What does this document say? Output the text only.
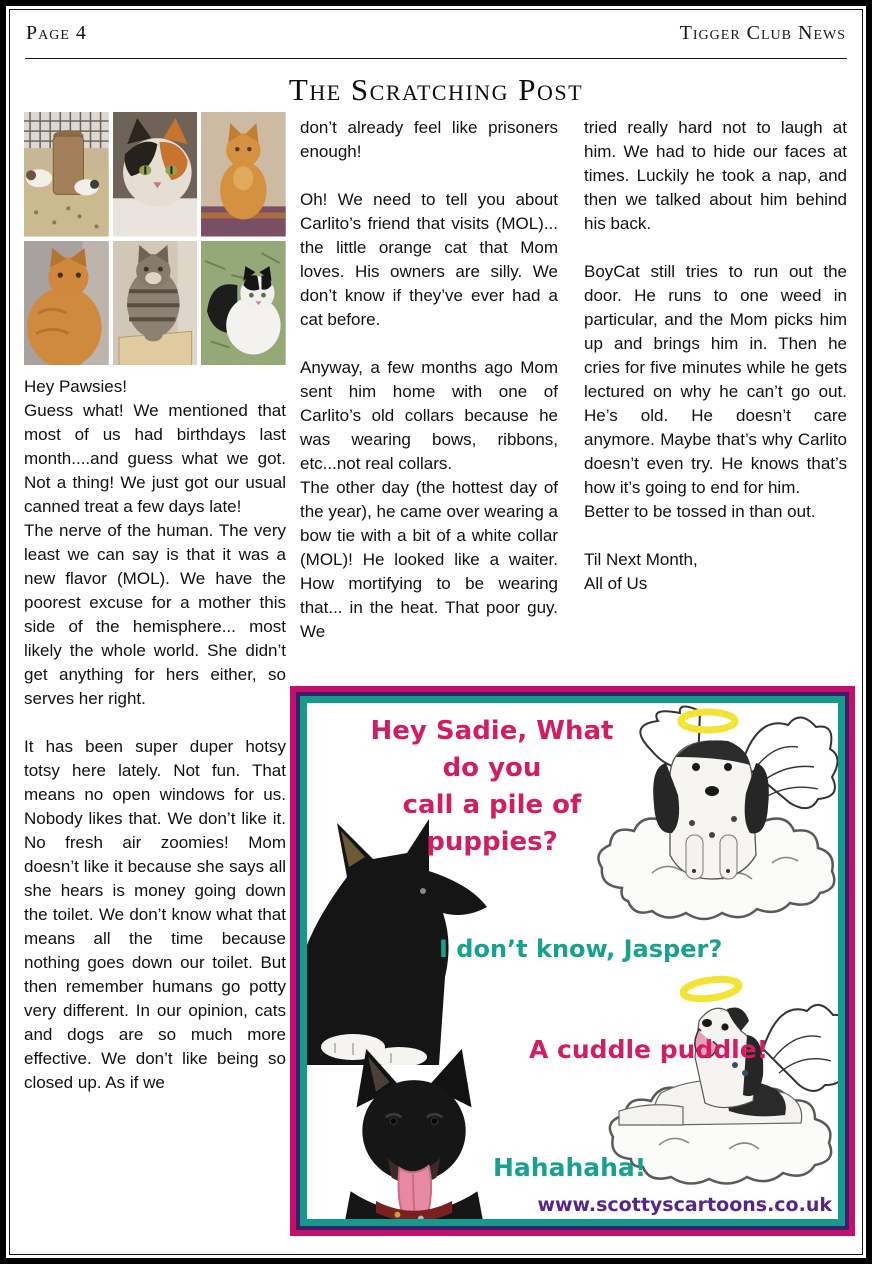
Page 4	Tigger Club News
The Scratching Post

Hey Pawsies!

Guess what! We mentioned that most of us had birthdays last month....and guess what we got. Not a thing! We just got our usual canned treat a few days late!

The nerve of the human. The very least we can say is that it was a new flavor (MOL). We have the poorest excuse for a mother this side of the hemisphere... most likely the whole world. She didn’t get anything for hers either, so serves her right.

It has been super duper hotsy totsy here lately. Not fun. That means no open windows for us. Nobody likes that. We don’t like it. No fresh air zoomies! Mom doesn’t like it because she says all she hears is money going down the toilet. We don’t know what that means all the time because nothing goes down our toilet. But then remember humans go potty very different. In our opinion, cats and dogs are so much more effective. We don’t like being so closed up. As if we

don’t already feel like prisoners enough!

Oh! We need to tell you about Carlito’s friend that visits (MOL)... the little orange cat that Mom loves. His owners are silly. We don’t know if they’ve ever had a cat before.

Anyway, a few months ago Mom sent him home with one of Carlito’s old collars because he was wearing bows, ribbons, etc...not real collars.

The other day (the hottest day of the year), he came over wearing a bow tie with a bit of a white collar (MOL)! He looked like a waiter. How mortifying to be wearing that... in the heat. That poor guy. We

tried really hard not to laugh at him. We had to hide our faces at times. Luckily he took a nap, and then we talked about him behind his back.

BoyCat still tries to run out the door. He runs to one weed in particular, and the Mom picks him up and brings him in. Then he cries for five minutes while he gets lectured on why he can’t go out. He’s old. He doesn’t care anymore. Maybe that’s why Carlito doesn’t even try. He knows that’s how it’s going to end for him.

Better to be tossed in than out.

Til Next Month,

All of Us

Hey Sadie, What do you
call a pile of puppies?
I don’t know, Jasper?
A cuddle puddle!
Hahahaha!
www.scottyscartoons.co.uk
